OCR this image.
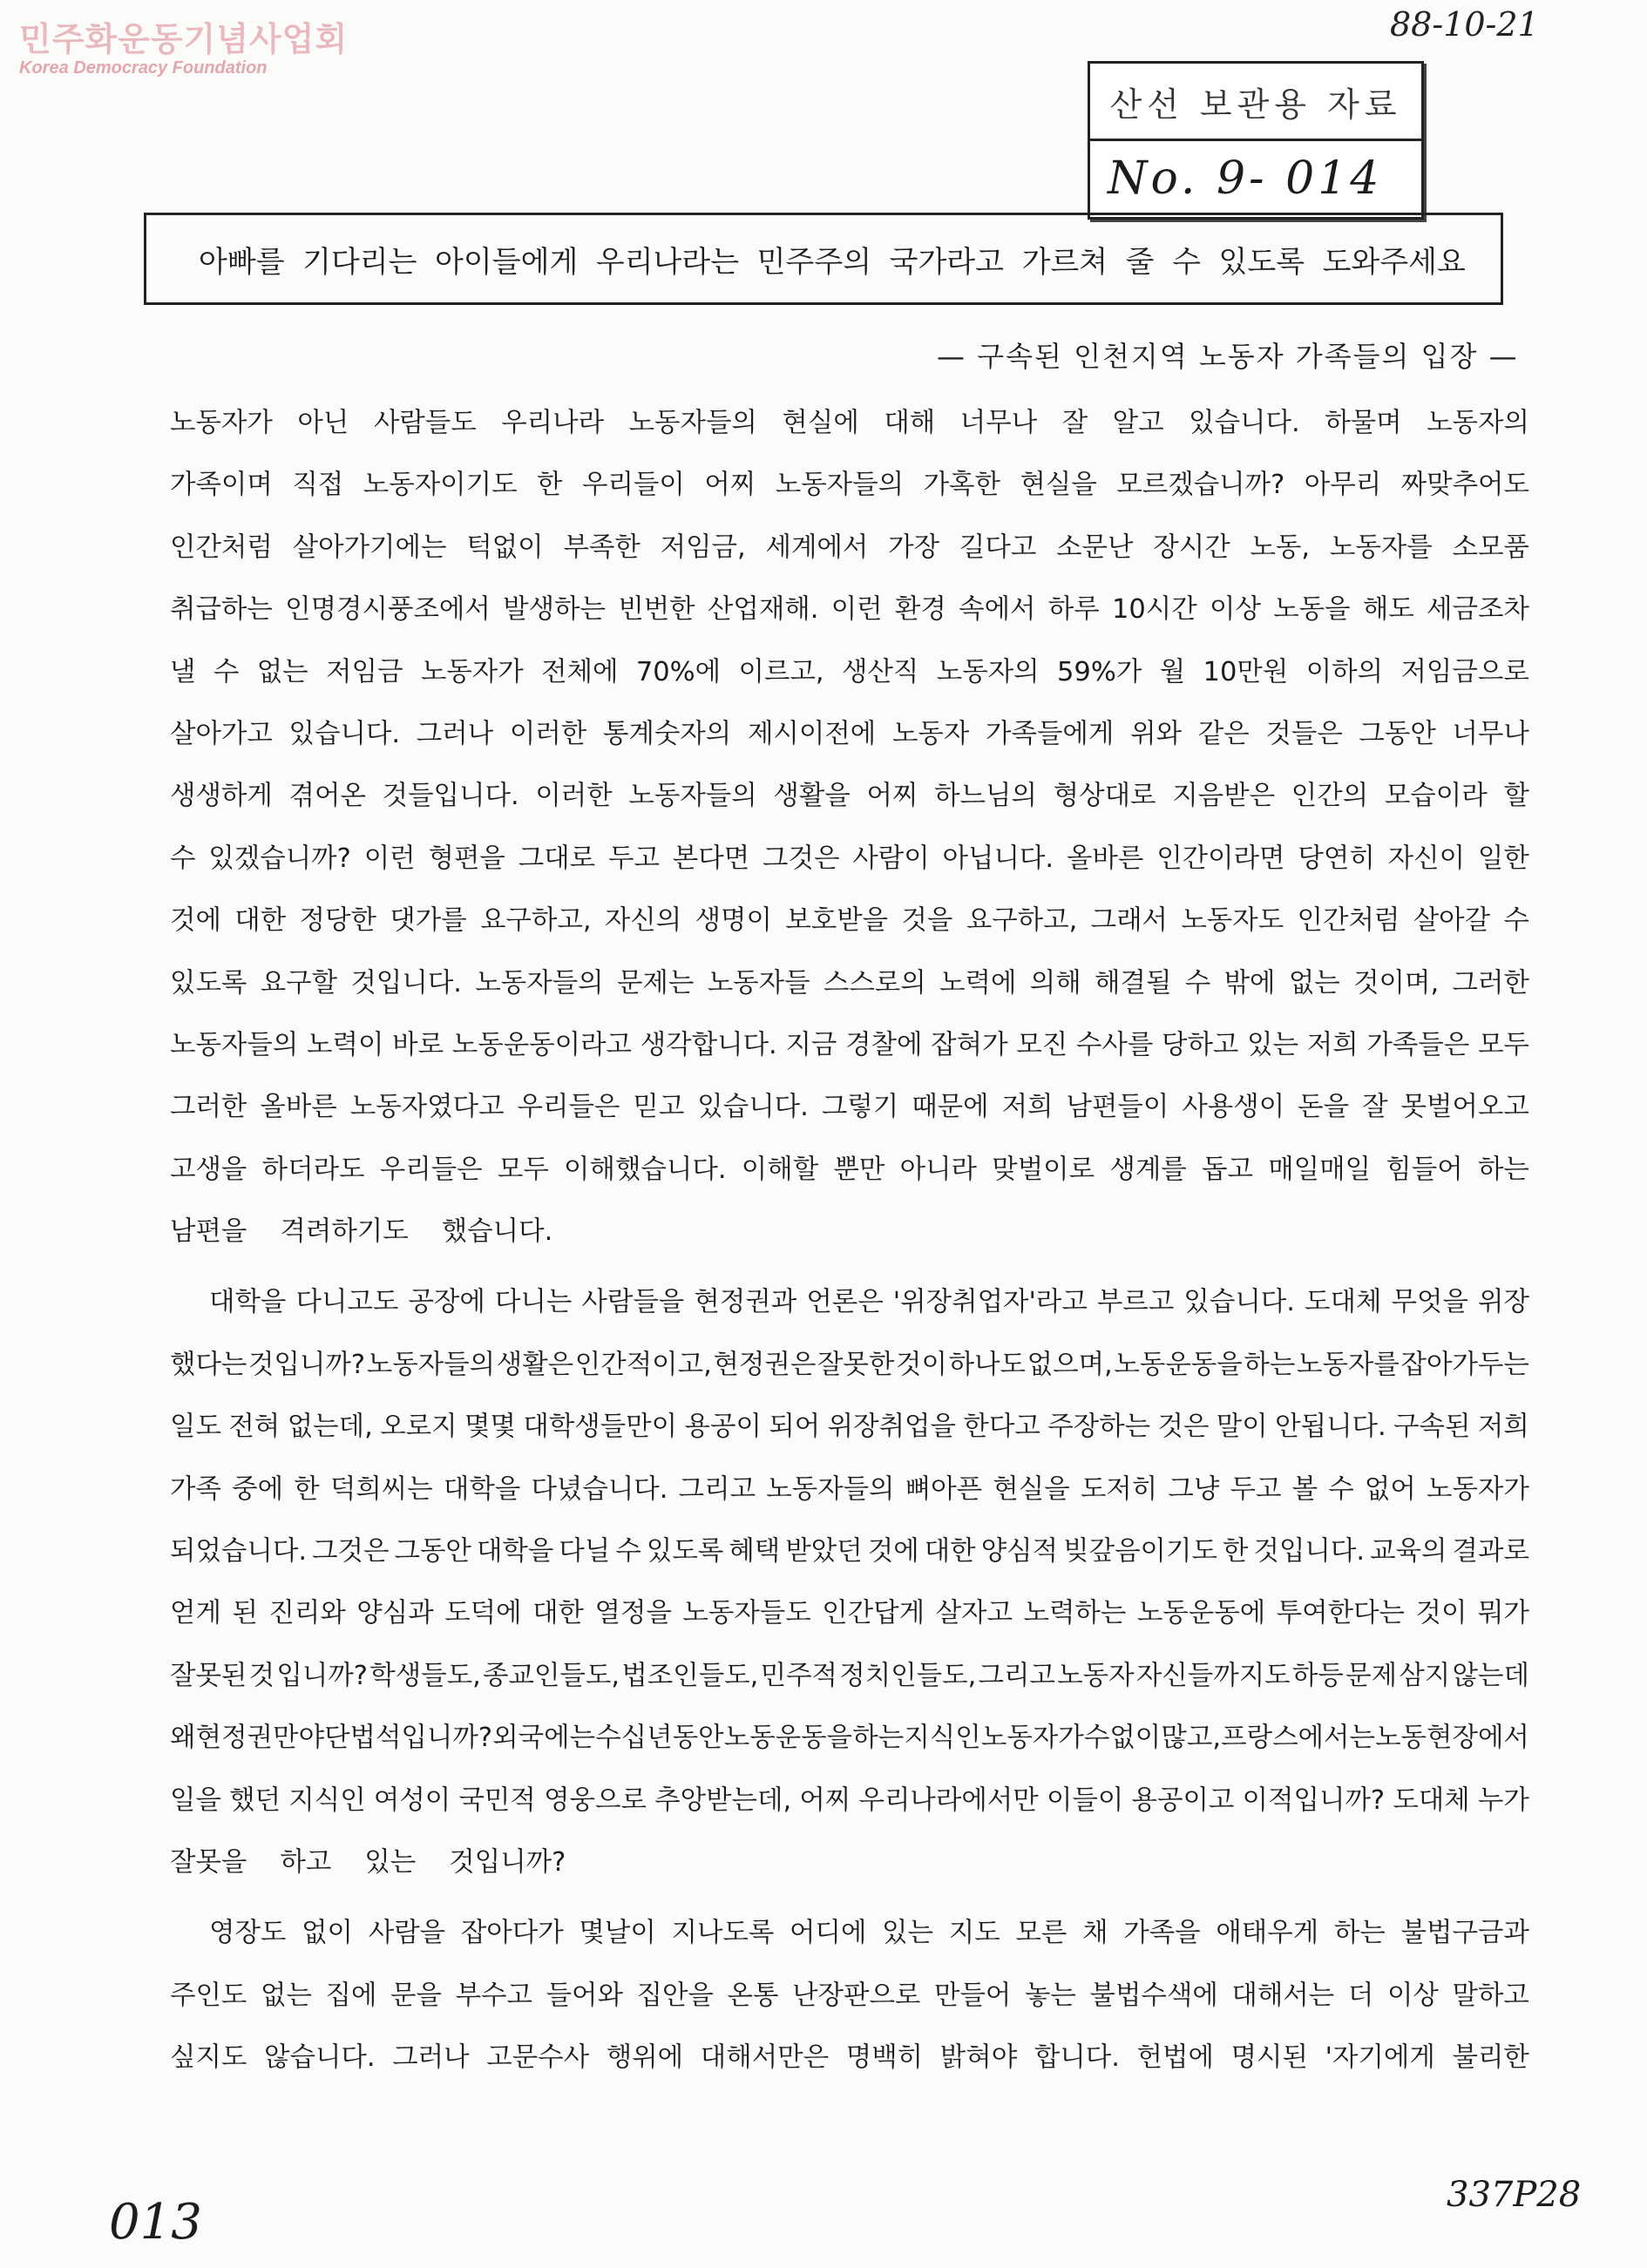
민주화운동기념사업회
Korea Democracy Foundation
88-10-21
산선 보관용 자료
No. 9- 014
아빠를 기다리는 아이들에게 우리나라는 민주주의 국가라고 가르쳐 줄 수 있도록 도와주세요
— 구속된 인천지역 노동자 가족들의 입장 —
노동자가 아닌 사람들도 우리나라 노동자들의 현실에 대해 너무나 잘 알고 있습니다. 하물며 노동자의
가족이며 직접 노동자이기도 한 우리들이 어찌 노동자들의 가혹한 현실을 모르겠습니까? 아무리 짜맞추어도
인간처럼 살아가기에는 턱없이 부족한 저임금, 세계에서 가장 길다고 소문난 장시간 노동, 노동자를 소모품
취급하는 인명경시풍조에서 발생하는 빈번한 산업재해. 이런 환경 속에서 하루 10시간 이상 노동을 해도 세금조차
낼 수 없는 저임금 노동자가 전체에 70%에 이르고, 생산직 노동자의 59%가 월 10만원 이하의 저임금으로
살아가고 있습니다. 그러나 이러한 통계숫자의 제시이전에 노동자 가족들에게 위와 같은 것들은 그동안 너무나
생생하게 겪어온 것들입니다. 이러한 노동자들의 생활을 어찌 하느님의 형상대로 지음받은 인간의 모습이라 할
수 있겠습니까? 이런 형편을 그대로 두고 본다면 그것은 사람이 아닙니다. 올바른 인간이라면 당연히 자신이 일한
것에 대한 정당한 댓가를 요구하고, 자신의 생명이 보호받을 것을 요구하고, 그래서 노동자도 인간처럼 살아갈 수
있도록 요구할 것입니다. 노동자들의 문제는 노동자들 스스로의 노력에 의해 해결될 수 밖에 없는 것이며, 그러한
노동자들의 노력이 바로 노동운동이라고 생각합니다. 지금 경찰에 잡혀가 모진 수사를 당하고 있는 저희 가족들은 모두
그러한 올바른 노동자였다고 우리들은 믿고 있습니다. 그렇기 때문에 저희 남편들이 사용생이 돈을 잘 못벌어오고
고생을 하더라도 우리들은 모두 이해했습니다. 이해할 뿐만 아니라 맞벌이로 생계를 돕고 매일매일 힘들어 하는
남편을 격려하기도 했습니다.
대학을 다니고도 공장에 다니는 사람들을 현정권과 언론은 '위장취업자'라고 부르고 있습니다. 도대체 무엇을 위장
했다는 것입니까? 노동자들의 생활은 인간적이고, 현정권은 잘못한 것이 하나도 없으며, 노동운동을 하는 노동자를 잡아가두는
일도 전혀 없는데, 오로지 몇몇 대학생들만이 용공이 되어 위장취업을 한다고 주장하는 것은 말이 안됩니다. 구속된 저희
가족 중에 한 덕희씨는 대학을 다녔습니다. 그리고 노동자들의 뼈아픈 현실을 도저히 그냥 두고 볼 수 없어 노동자가
되었습니다. 그것은 그동안 대학을 다닐 수 있도록 혜택 받았던 것에 대한 양심적 빚갚음이기도 한 것입니다. 교육의 결과로
얻게 된 진리와 양심과 도덕에 대한 열정을 노동자들도 인간답게 살자고 노력하는 노동운동에 투여한다는 것이 뭐가
잘못된 것 입니까? 학생들도, 종교인들도, 법조인들도, 민주적 정치인들도, 그리고 노동자 자신들까지도 하등 문제 삼지 않는데
왜 현정권만 야단법석입니까? 외국에는 수십년 동안 노동운동을 하는 지식인 노동자가 수없이 많고, 프랑스에서는 노동현장에서
일을 했던 지식인 여성이 국민적 영웅으로 추앙받는데, 어찌 우리나라에서만 이들이 용공이고 이적입니까? 도대체 누가
잘못을 하고 있는 것입니까?
영장도 없이 사람을 잡아다가 몇날이 지나도록 어디에 있는 지도 모른 채 가족을 애태우게 하는 불법구금과
주인도 없는 집에 문을 부수고 들어와 집안을 온통 난장판으로 만들어 놓는 불법수색에 대해서는 더 이상 말하고
싶지도 않습니다. 그러나 고문수사 행위에 대해서만은 명백히 밝혀야 합니다. 헌법에 명시된 '자기에게 불리한
013	337P28
